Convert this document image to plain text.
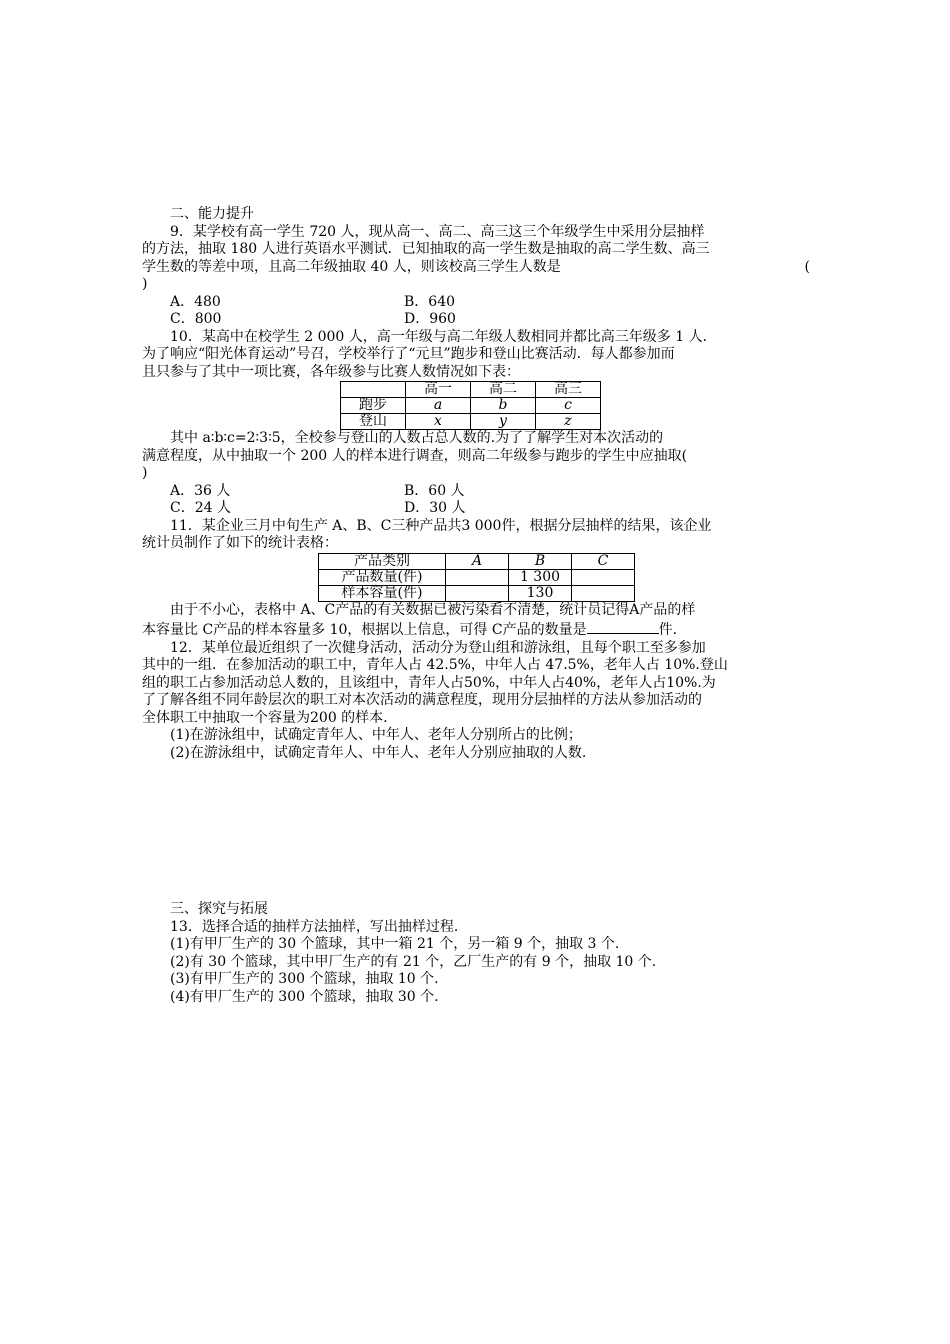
二、能力提升
9．某学校有高一学生 720 人，现从高一、高二、高三这三个年级学生中采用分层抽样
的方法，抽取 180 人进行英语水平测试．已知抽取的高一学生数是抽取的高二学生数、高三
学生数的等差中项，且高二年级抽取 40 人，则该校高三学生人数是	(
)
A．480	B．640
C．800	D．960
10．某高中在校学生 2 000 人，高一年级与高二年级人数相同并都比高三年级多 1 人．
为了响应“阳光体育运动”号召，学校举行了“元旦”跑步和登山比赛活动．每人都参加而
且只参与了其中一项比赛，各年级参与比赛人数情况如下表：
	高一	高二	高三
跑步	a	b	c
登山	x	y	z
其中 a∶b∶c=2∶3∶5，全校参与登山的人数占总人数的.为了了解学生对本次活动的
满意程度，从中抽取一个 200 人的样本进行调查，则高二年级参与跑步的学生中应抽取(
)
A．36 人	B．60 人
C．24 人	D．30 人
11．某企业三月中旬生产 A、B、C三种产品共3 000件，根据分层抽样的结果，该企业
统计员制作了如下的统计表格：
产品类别	A	B	C
产品数量(件)		1 300	
样本容量(件)		130	
由于不小心，表格中 A、C产品的有关数据已被污染看不清楚，统计员记得A产品的样
本容量比 C产品的样本容量多 10，根据以上信息，可得 C产品的数量是	件.
12．某单位最近组织了一次健身活动，活动分为登山组和游泳组，且每个职工至多参加
其中的一组．在参加活动的职工中，青年人占 42.5%，中年人占 47.5%，老年人占 10%.登山
组的职工占参加活动总人数的，且该组中，青年人占50%，中年人占40%，老年人占10%.为
了了解各组不同年龄层次的职工对本次活动的满意程度，现用分层抽样的方法从参加活动的
全体职工中抽取一个容量为200 的样本.
(1)在游泳组中，试确定青年人、中年人、老年人分别所占的比例；
(2)在游泳组中，试确定青年人、中年人、老年人分别应抽取的人数.
三、探究与拓展
13．选择合适的抽样方法抽样，写出抽样过程．
(1)有甲厂生产的 30 个篮球，其中一箱 21 个，另一箱 9 个，抽取 3 个.
(2)有 30 个篮球，其中甲厂生产的有 21 个，乙厂生产的有 9 个，抽取 10 个.
(3)有甲厂生产的 300 个篮球，抽取 10 个.
(4)有甲厂生产的 300 个篮球，抽取 30 个.
